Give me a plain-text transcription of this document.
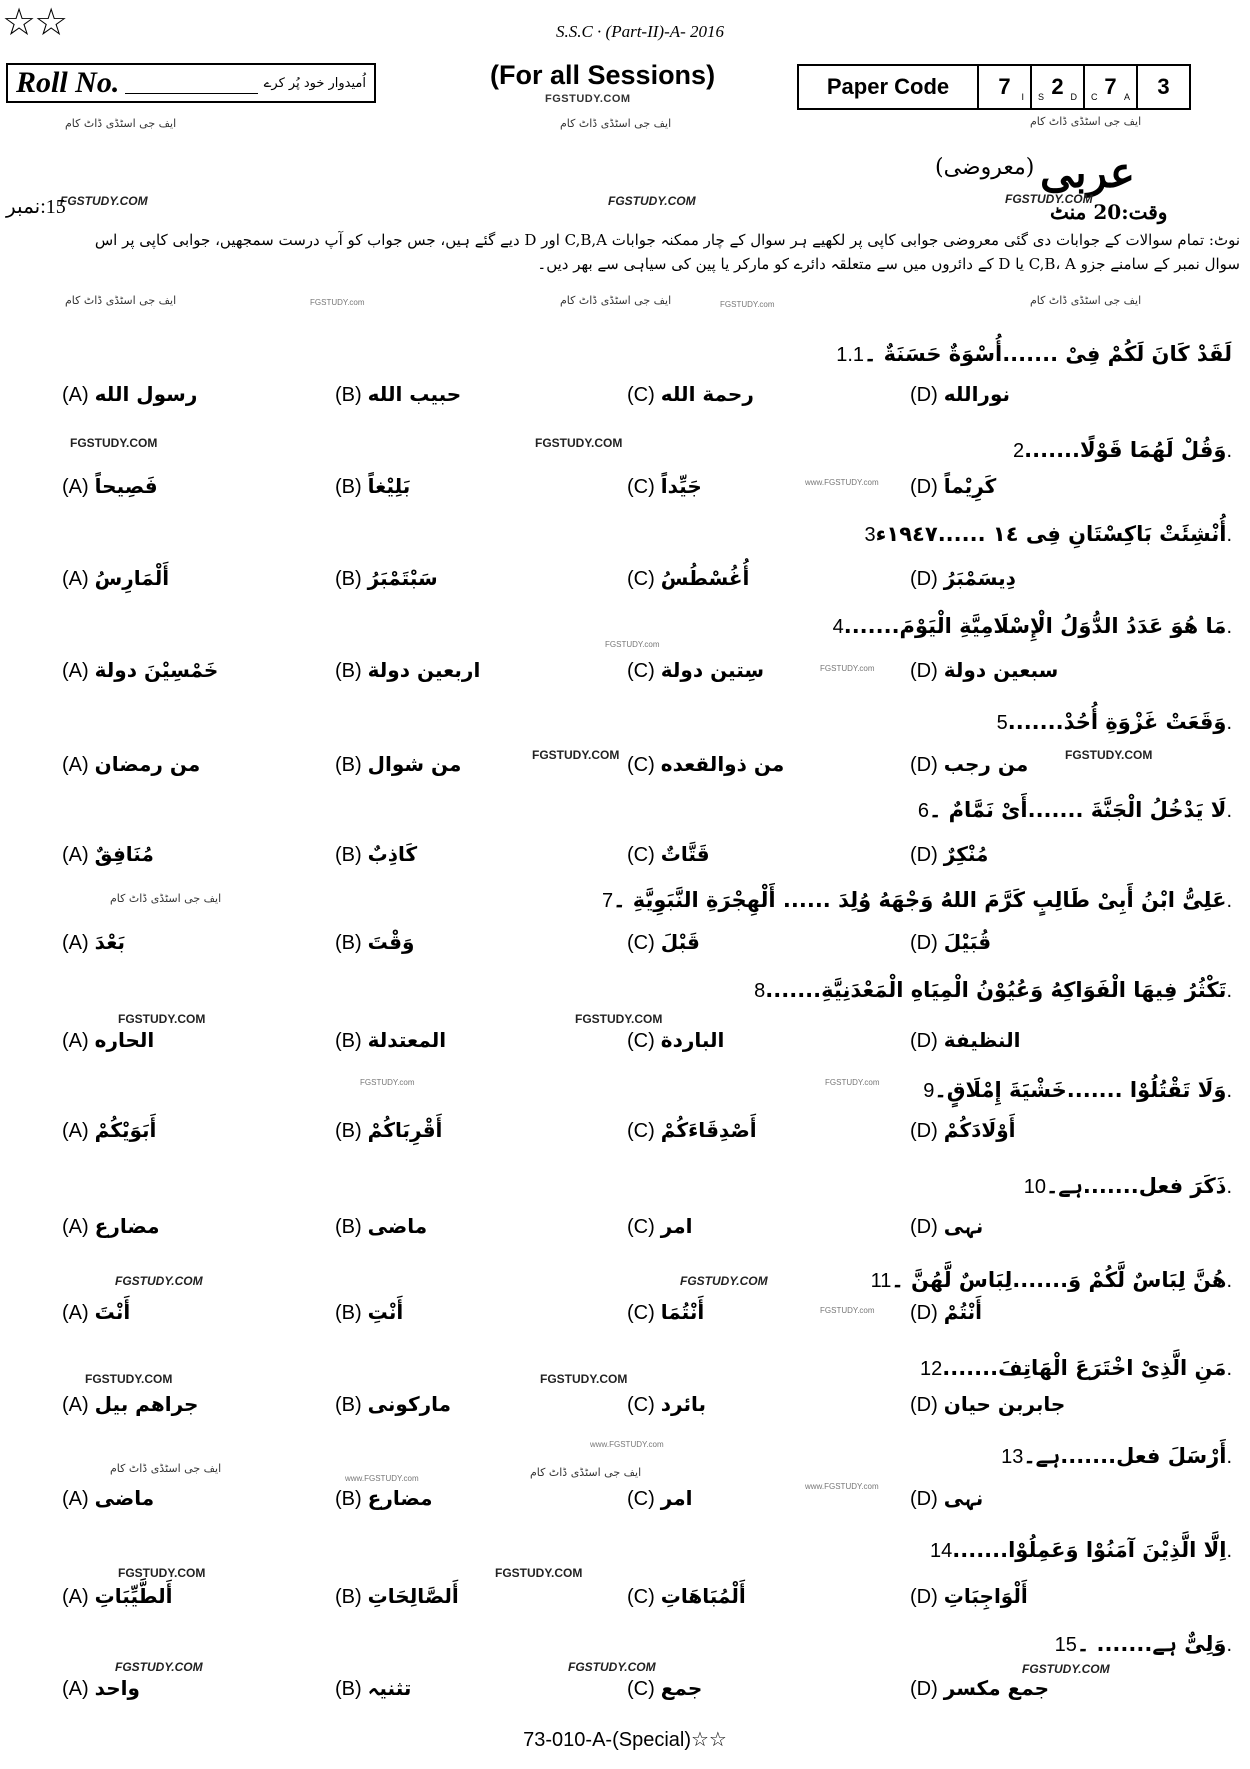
☆☆	S.S.C · (Part-II)-A- 2016
Roll No.	اُمیدوار خود پُر کرے	(For all Sessions)
FGSTUDY.COM	Paper Code	7 I	S 2 D	C 7 A	3
ایف جی اسٹڈی ڈاٹ کام	ایف جی اسٹڈی ڈاٹ کام	ایف جی اسٹڈی ڈاٹ کام
عربی
(معروضی)
FGSTUDY.COM	FGSTUDY.COM	FGSTUDY.COM
15:نمبر	وقت:20 منٹ
نوٹ: تمام سوالات کے جوابات دی گئی معروضی جوابی کاپی پر لکھیے ہر سوال کے چار ممکنہ جوابات C,B,A اور D دیے گئے ہیں، جس جواب کو آپ درست سمجھیں، جوابی کاپی پر اس سوال نمبر کے سامنے جزو C,B، A یا D کے دائروں میں سے متعلقہ دائرے کو مارکر یا پین کی سیاہی سے بھر دیں۔
ایف جی اسٹڈی ڈاٹ کام	FGSTUDY.com	ایف جی اسٹڈی ڈاٹ کام	FGSTUDY.com	ایف جی اسٹڈی ڈاٹ کام
لَقَدْ كَانَ لَكُمْ فِیْ .......أُسْوَةٌ حَسَنَةٌ ۔1.1
(A) رسول الله	(B) حبيب الله	(C) رحمة الله	(D) نورالله
FGSTUDY.COM	FGSTUDY.COM	وَقُلْ لَهُمَا قَوْلًا.......2.
(A) فَصِيحاً	(B) بَلِيْغاً	(C) جَيِّداً	www.FGSTUDY.com (D) كَرِيْماً
أُنْشِئَتْ بَاكِسْتَانِ فِی ١٤ ......١٩٤٧ء3.
(A) أَلْمَارِسُ	(B) سَبْتَمْبَرُ	(C) أُغُسْطُسُ	(D) دِيسَمْبَرُ
مَا هُوَ عَدَدُ الدُّوَلُ الْإِسْلَامِيَّةِ الْيَوْمَ.......4.
FGSTUDY.com
(A) خَمْسِيْنَ دولة	(B) اربعين دولة	(C) سِتين دولة	FGSTUDY.com (D) سبعين دولة
وَقَعَتْ غَزْوَةِ أُحُدْ.......5.
(A) من رمضان	(B) من شوال	FGSTUDY.COM (C) من ذوالقعده	(D) من رجب	FGSTUDY.COM
لَا يَدْخُلُ الْجَنَّةَ .......أَیْ نَمَّامٌ ۔6.
(A) مُنَافِقٌ	(B) كَاذِبٌ	(C) قَتَّاتٌ	(D) مُنْكِرٌ
ایف جی اسٹڈی ڈاٹ کام	عَلِیُّ ابْنُ أَبِیْ طَالِبٍ كَرَّمَ اللهُ وَجْهَهُ وُلِدَ ...... أَلْهِجْرَةِ النَّبَوِيَّةِ ۔7.
(A) بَعْدَ	(B) وَقْتَ	(C) قَبْلَ	(D) قُبَيْلَ
تَكْثُرُ فِيهَا الْفَوَاكِهُ وَعُيُوْنُ الْمِيَاهِ الْمَعْدَنِيَّةِ.......8.
FGSTUDY.COM	FGSTUDY.COM
(A) الحاره	(B) المعتدلة	(C) الباردة	(D) النظيفة
FGSTUDY.com	FGSTUDY.com	وَلَا تَقْتُلُوْا .......خَشْيَةَ إِمْلَاقٍ۔9.
(A) أَبَوَيْكُمْ	(B) أَقْرِبَاكُمْ	(C) أَصْدِقَاءَكُمْ	(D) أَوْلَادَكُمْ
ذَكَرَ فعل.......ہے۔10.
(A) مضارع	(B) ماضی	(C) امر	(D) نہی
FGSTUDY.COM	FGSTUDY.COM	هُنَّ لِبَاسٌ لَّكُمْ وَ.......لِبَاسٌ لَّهُنَّ ۔11.
(A) أَنْتَ	(B) أَنْتِ	(C) أَنْتُمَا	FGSTUDY.com (D) أَنْتُمْ
مَنِ الَّذِیْ اخْتَرَعَ الْهَاتِفَ.......12.
FGSTUDY.COM	FGSTUDY.COM
(A) جراهم بيل	(B) ماركونی	(C) بائرد	(D) جابربن حيان
www.FGSTUDY.com	أَرْسَلَ فعل.......ہے۔13.
ایف جی اسٹڈی ڈاٹ کام
www.FGSTUDY.com	ایف جی اسٹڈی ڈاٹ کام
www.FGSTUDY.com
(A) ماضی	(B) مضارع	(C) امر	(D) نہی
اِلَّا الَّذِيْنَ آمَنُوْا وَعَمِلُوْا.......14.
FGSTUDY.COM	FGSTUDY.COM
(A) أَلطَّيِّبَاتِ	(B) أَلصَّالِحَاتِ	(C) أَلْمُبَاهَاتِ	(D) أَلْوَاجِبَاتِ
وَلِیٌّ ہے....... ۔15.
FGSTUDY.COM	FGSTUDY.COM	FGSTUDY.COM
(A) واحد	(B) تثنیہ	(C) جمع	(D) جمع مکسر
73-010-A-(Special)☆☆
